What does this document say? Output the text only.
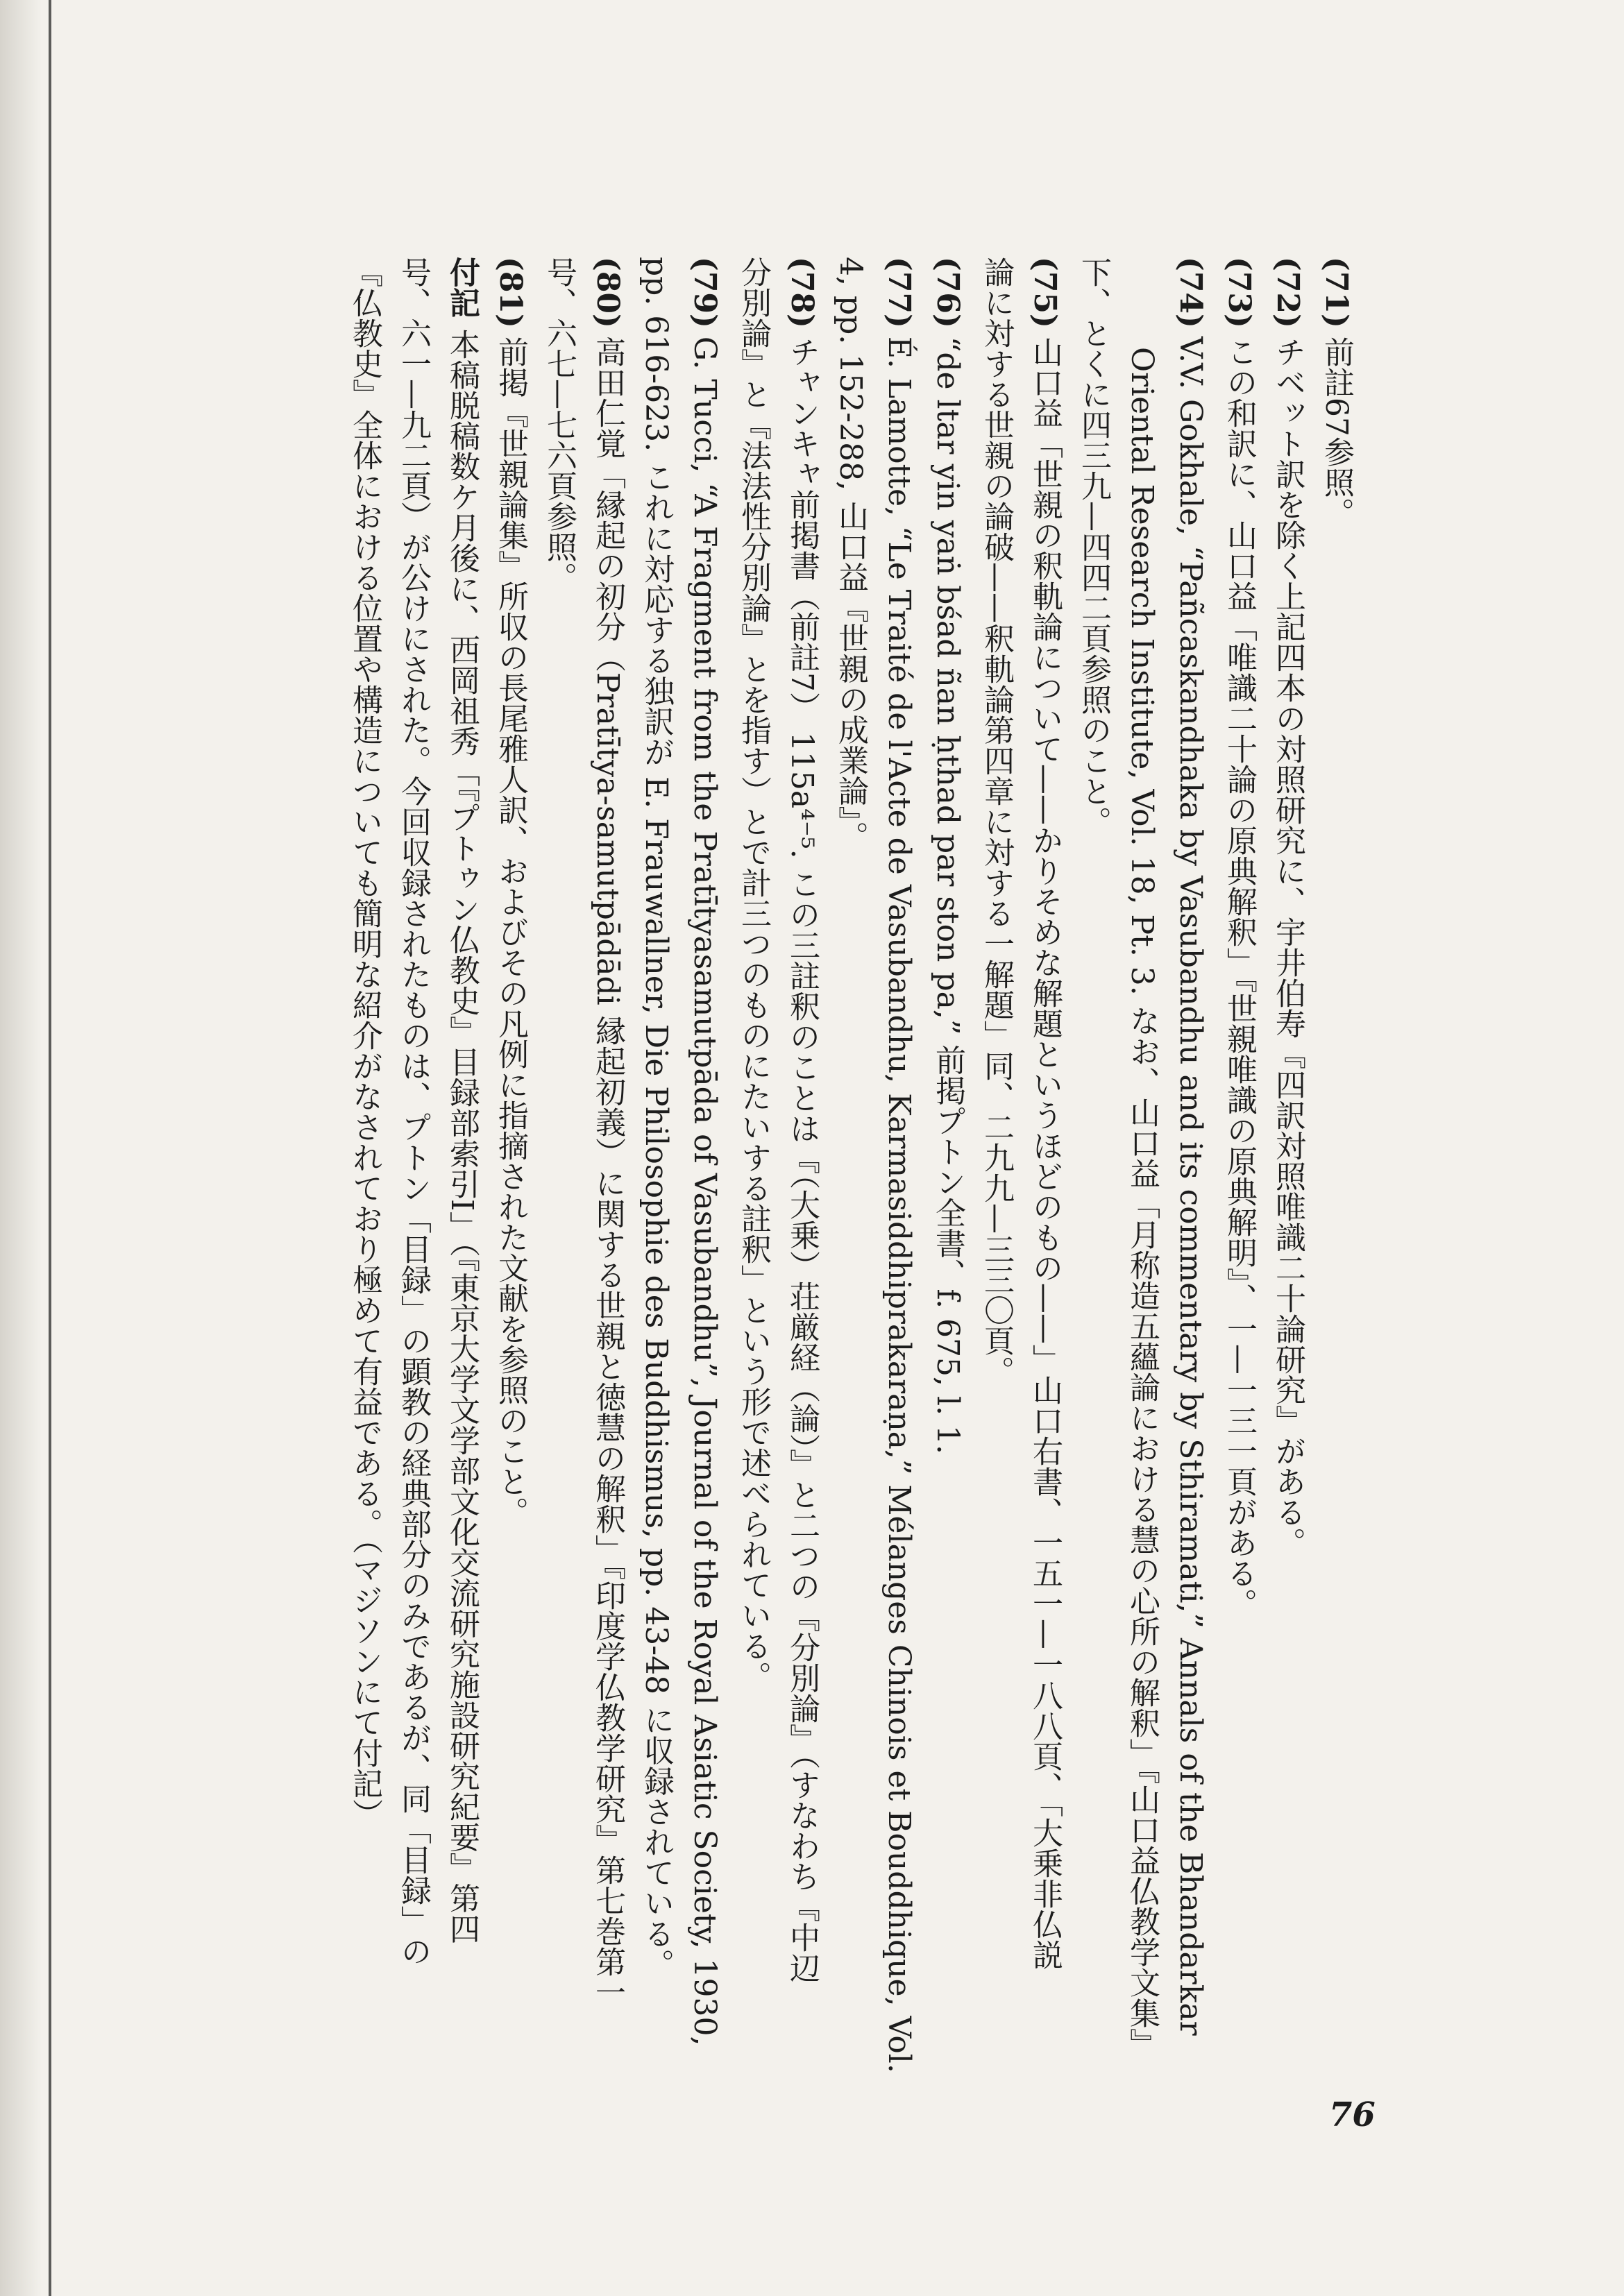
(71)前註67参照。
(72)チベット訳を除く上記四本の対照研究に、宇井伯寿『四訳対照唯識二十論研究』がある。
(73)この和訳に、山口益「唯識二十論の原典解釈」『世親唯識の原典解明』、一—一三一頁がある。
(74)V.V. Gokhale, “Pañcaskandhaka by Vasubandhu and its commentary by Sthiramati,” Annals of the Bhandarkar
Oriental Research Institute, Vol. 18, Pt. 3. なお、山口益「月称造五蘊論における慧の心所の解釈」『山口益仏教学文集』
下、とくに四三九—四四二頁参照のこと。
(75)山口益「世親の釈軌論について——かりそめな解題というほどのもの——」山口右書、一五一—一八八頁、「大乗非仏説
論に対する世親の論破——釈軌論第四章に対する一解題」同、二九九—三三〇頁。
(76)“de ltar yin yaṅ bśad ñan ḥthad par ston pa,” 前掲プトン全書、f. 675, l. 1.
(77)É. Lamotte, “Le Traité de l'Acte de Vasubandhu, Karmasiddhiprakaraṇa,” Mélanges Chinois et Bouddhique, Vol.
4, pp. 152-288, 山口益『世親の成業論』。
(78)チャンキャ前掲書（前註7） 115a⁴⁻⁵. この三註釈のことは『（大乗）荘厳経（論）』と二つの『分別論』（すなわち『中辺
分別論』と『法法性分別論』とを指す）とで計三つのものにたいする註釈」という形で述べられている。
(79)G. Tucci, “A Fragment from the Pratītyasamutpāda of Vasubandhu”, Journal of the Royal Asiatic Society, 1930,
pp. 616-623. これに対応する独訳が E. Frauwallner, Die Philosophie des Buddhismus, pp. 43-48 に収録されている。
(80)高田仁覚「縁起の初分（Pratītya-samutpādādi 縁起初義）に関する世親と徳慧の解釈」『印度学仏教学研究』第七巻第一
号、六七—七六頁参照。
(81)前掲『世親論集』所収の長尾雅人訳、およびその凡例に指摘された文献を参照のこと。
付記本稿脱稿数ケ月後に、西岡祖秀「『プトゥン仏教史』目録部索引I」（『東京大学文学部文化交流研究施設研究紀要』第四
号、六一—九二頁）が公けにされた。今回収録されたものは、プトン「目録」の顕教の経典部分のみであるが、同「目録」の
『仏教史』全体における位置や構造についても簡明な紹介がなされており極めて有益である。（マジソンにて付記）
76
